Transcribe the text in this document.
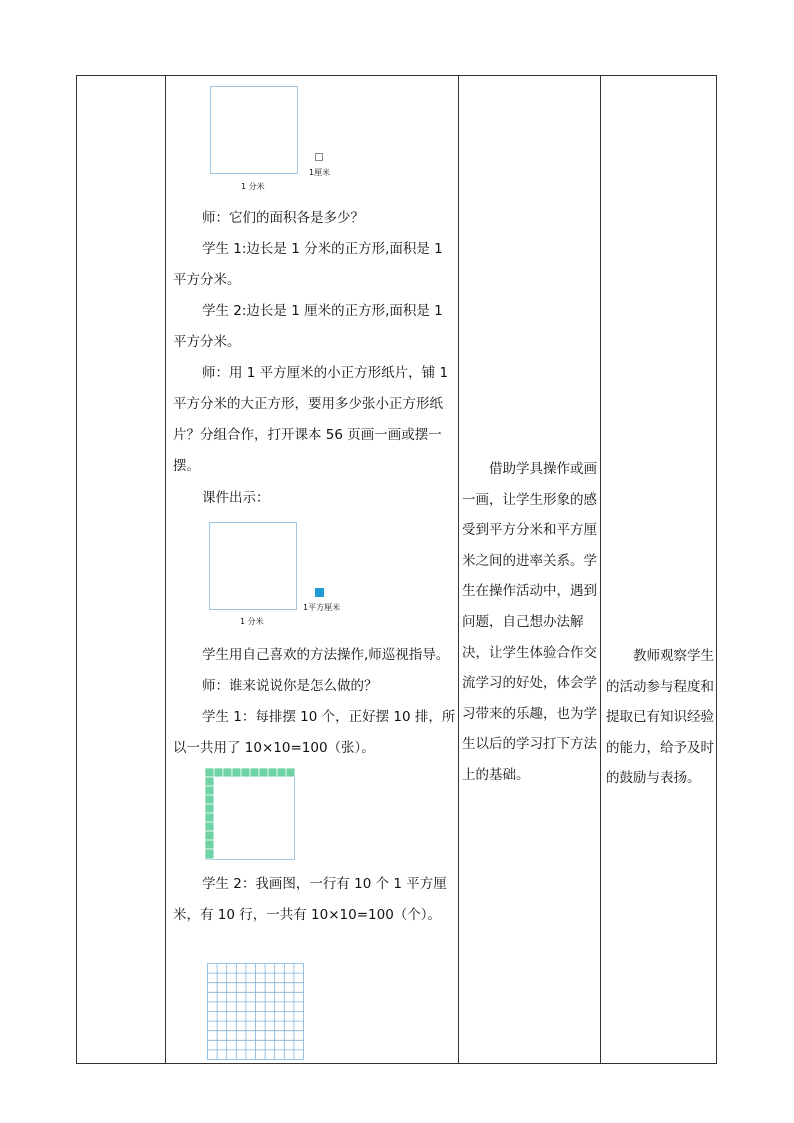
1 分米
1厘米
师：它们的面积各是多少？
学生 1:边长是 1 分米的正方形,面积是 1
平方分米。
学生 2:边长是 1 厘米的正方形,面积是 1
平方分米。
师：用 1 平方厘米的小正方形纸片，铺 1
平方分米的大正方形，要用多少张小正方形纸
片？分组合作，打开课本 56 页画一画或摆一
摆。
课件出示：
1 分米
1平方厘米
学生用自己喜欢的方法操作,师巡视指导。
师：谁来说说你是怎么做的？
学生 1：每排摆 10 个，正好摆 10 排，所
以一共用了 10×10=100（张）。
学生 2：我画图，一行有 10 个 1 平方厘
米，有 10 行，一共有 10×10=100（个）。

　　借助学具操作或画一画，让学生形象的感受到平方分米和平方厘米之间的进率关系。学生在操作活动中，遇到问题，自己想办法解决，让学生体验合作交流学习的好处，体会学习带来的乐趣，也为学生以后的学习打下方法上的基础。

　　教师观察学生的活动参与程度和提取已有知识经验的能力，给予及时的鼓励与表扬。
